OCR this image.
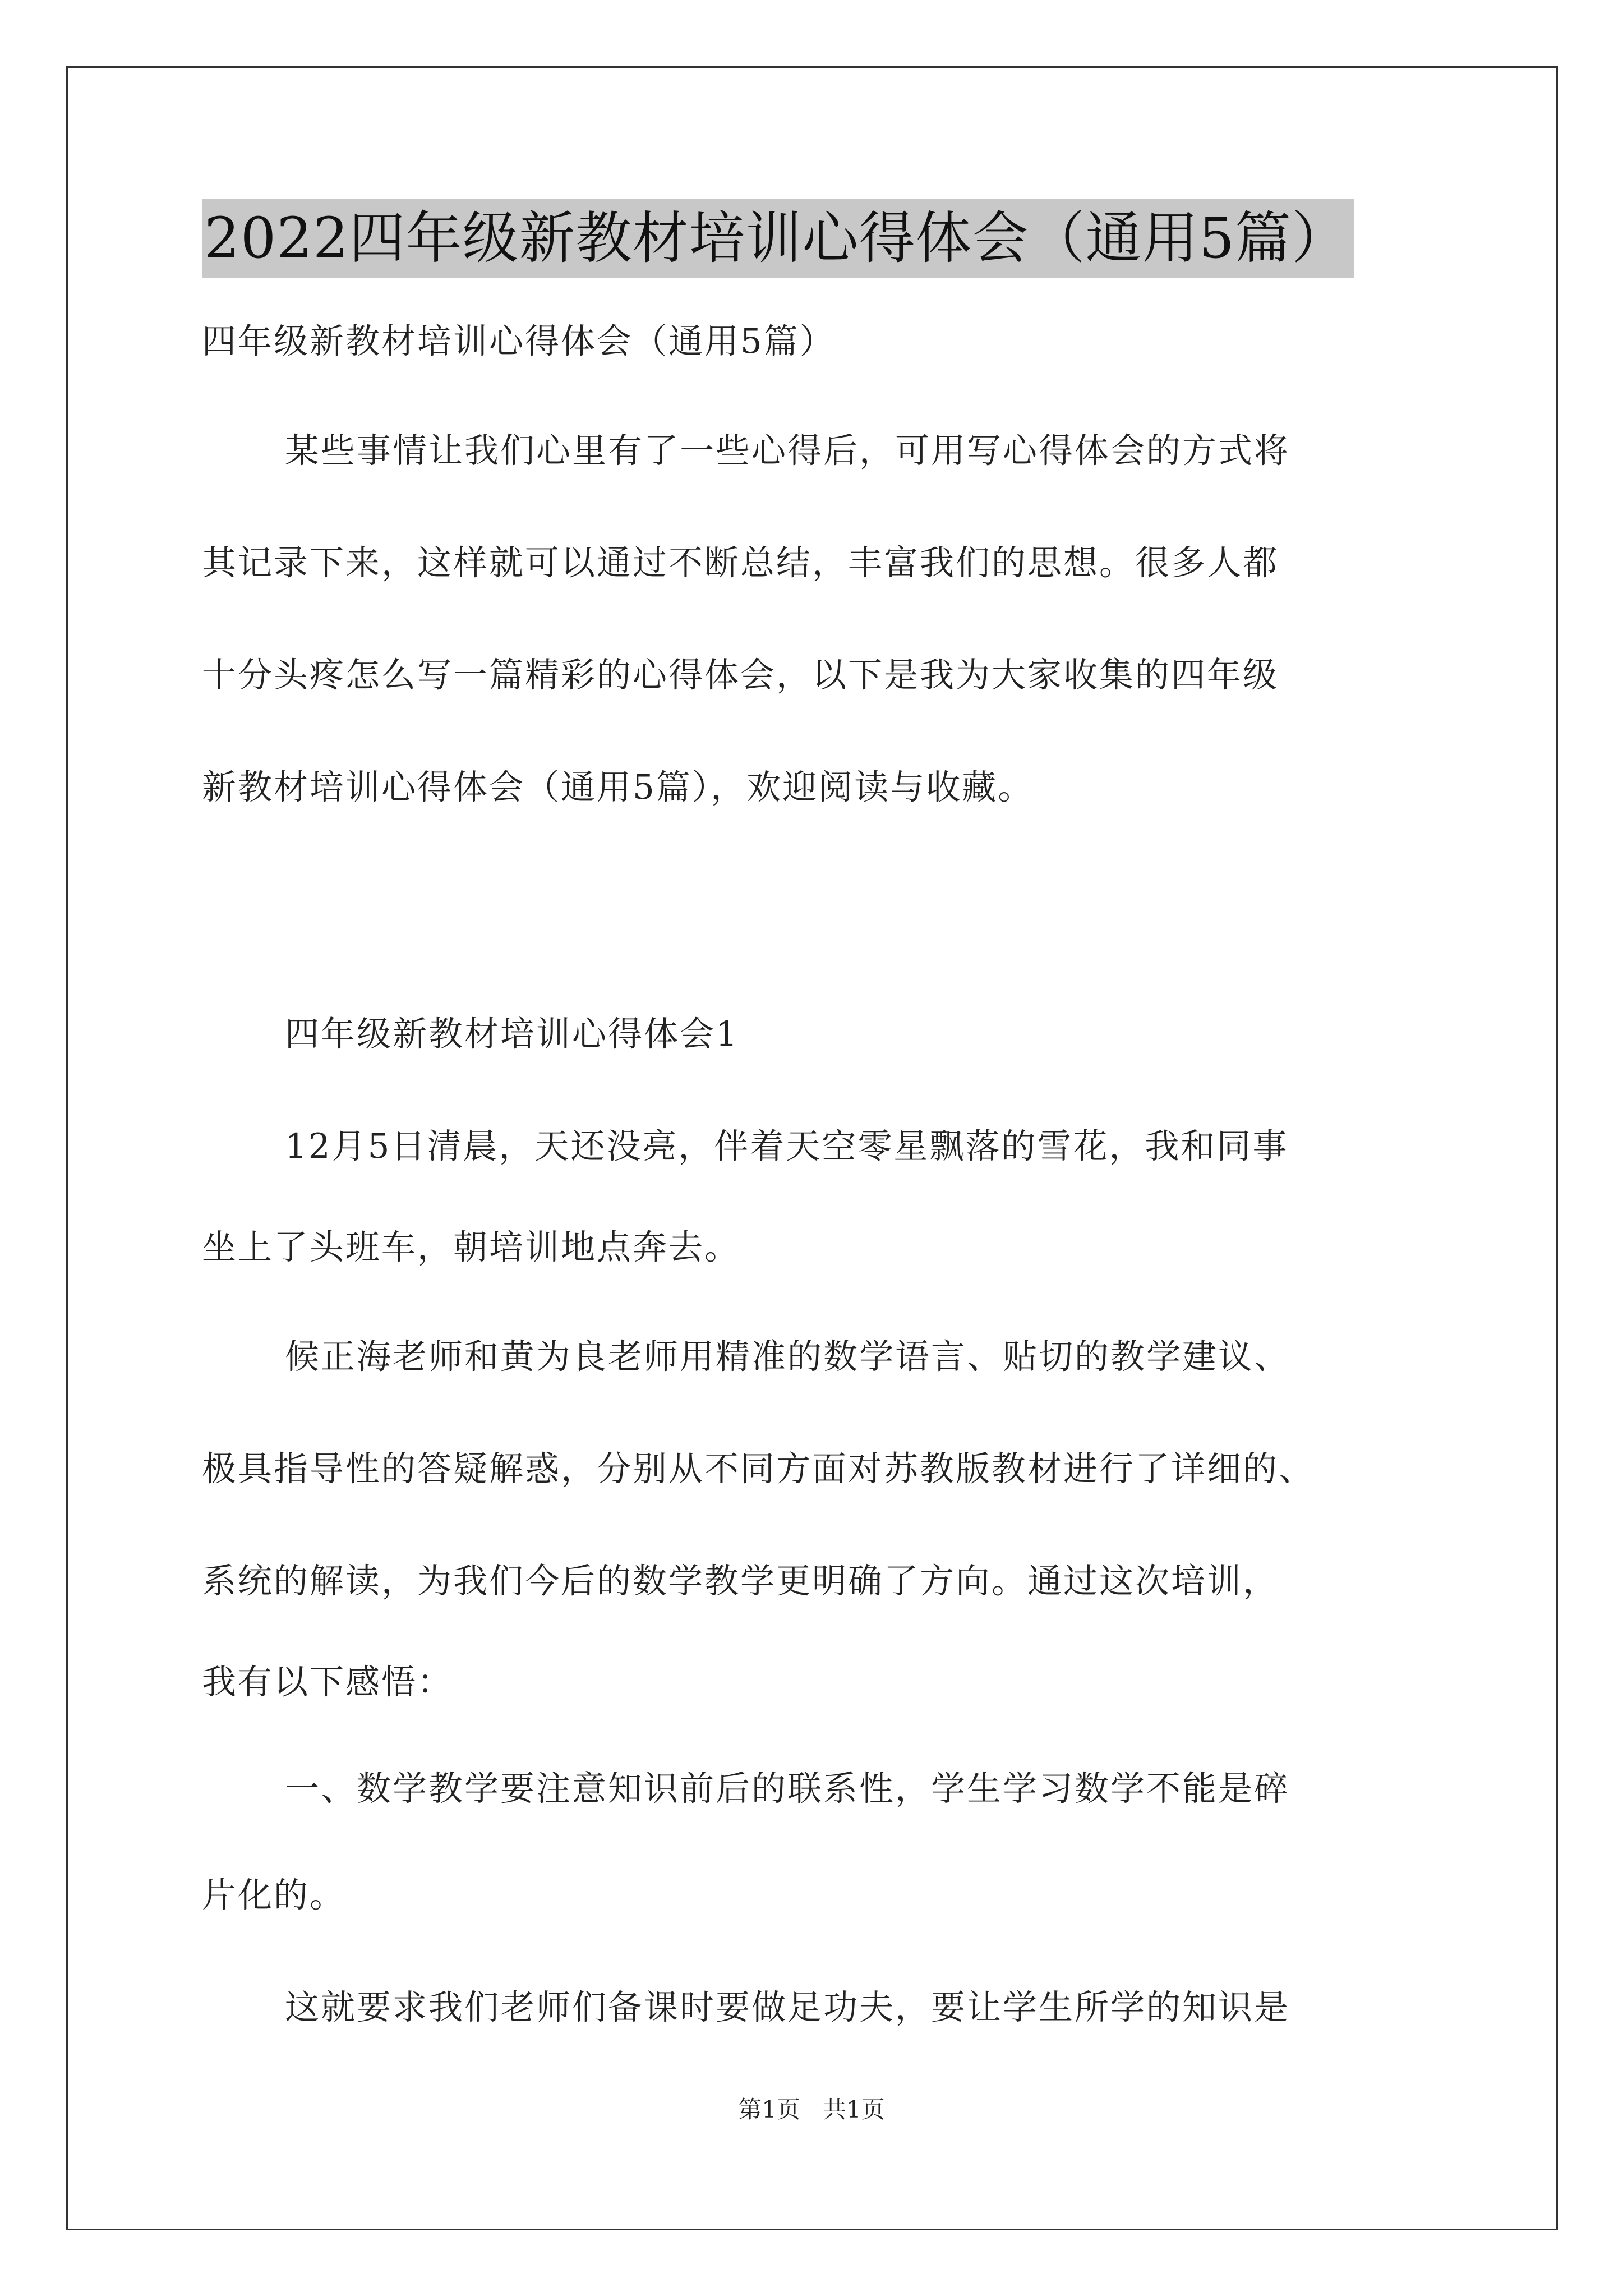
2022四年级新教材培训心得体会（通用5篇）
四年级新教材培训心得体会（通用5篇）
某些事情让我们心里有了一些心得后，可用写心得体会的方式将
其记录下来，这样就可以通过不断总结，丰富我们的思想。很多人都
十分头疼怎么写一篇精彩的心得体会，以下是我为大家收集的四年级
新教材培训心得体会（通用5篇），欢迎阅读与收藏。
四年级新教材培训心得体会1
12月5日清晨，天还没亮，伴着天空零星飘落的雪花，我和同事
坐上了头班车，朝培训地点奔去。
候正海老师和黄为良老师用精准的数学语言、贴切的教学建议、
极具指导性的答疑解惑，分别从不同方面对苏教版教材进行了详细的、
系统的解读，为我们今后的数学教学更明确了方向。通过这次培训，
我有以下感悟：
一、数学教学要注意知识前后的联系性，学生学习数学不能是碎
片化的。
这就要求我们老师们备课时要做足功夫，要让学生所学的知识是
第1页   共1页
